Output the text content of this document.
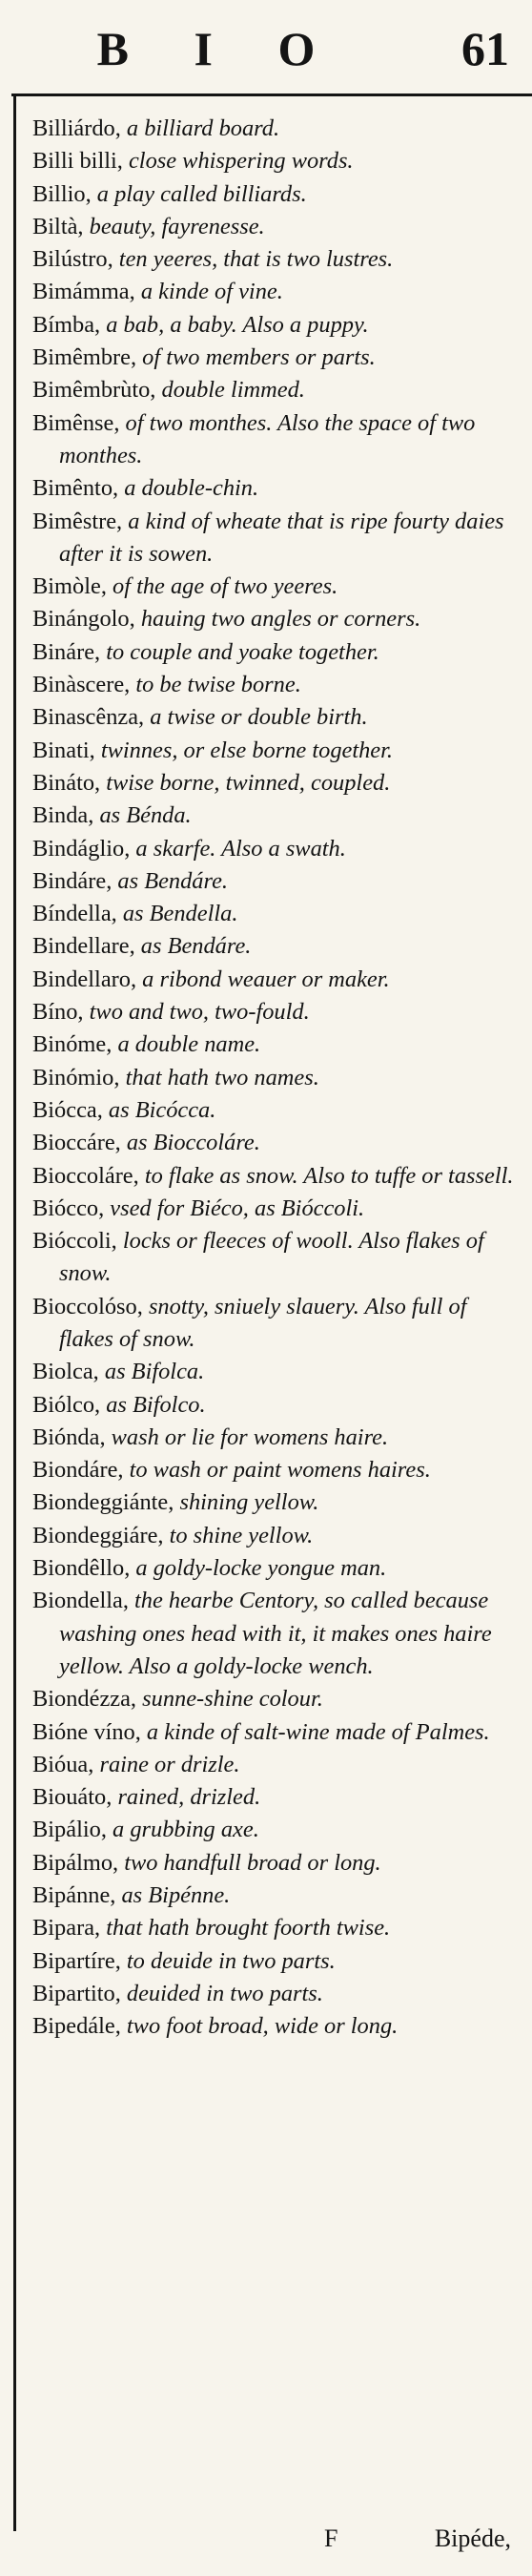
B I O	61

Billiárdo, a billiard board.

Billi billi, close whispering words.

Billio, a play called billiards.

Biltà, beauty, fayrenesse.

Bilústro, ten yeeres, that is two lustres.

Bimámma, a kinde of vine.

Bímba, a bab, a baby. Also a puppy.

Bimêmbre, of two members or parts.

Bimêmbrùto, double limmed.

Bimênse, of two monthes. Also the space of two monthes.

Bimênto, a double-chin.

Bimêstre, a kind of wheate that is ripe fourty daies after it is sowen.

Bimòle, of the age of two yeeres.

Binángolo, hauing two angles or corners.

Bináre, to couple and yoake together.

Binàscere, to be twise borne.

Binascênza, a twise or double birth.

Binati, twinnes, or else borne together.

Bináto, twise borne, twinned, coupled.

Binda, as Bénda.

Bindáglio, a skarfe. Also a swath.

Bindáre, as Bendáre.

Bíndella, as Bendella.

Bindellare, as Bendáre.

Bindellaro, a ribond weauer or maker.

Bíno, two and two, two-fould.

Binóme, a double name.

Binómio, that hath two names.

Biócca, as Bicócca.

Bioccáre, as Bioccoláre.

Bioccoláre, to flake as snow. Also to tuffe or tassell.

Biócco, vsed for Biéco, as Bióccoli.

Bióccoli, locks or fleeces of wooll. Also flakes of snow.

Bioccolóso, snotty, sniuely slauery. Also full of flakes of snow.

Biolca, as Bifolca.

Biólco, as Bifolco.

Biónda, wash or lie for womens haire.

Biondáre, to wash or paint womens haires.

Biondeggiánte, shining yellow.

Biondeggiáre, to shine yellow.

Biondêllo, a goldy-locke yongue man.

Biondella, the hearbe Centory, so called because washing ones head with it, it makes ones haire yellow. Also a goldy-locke wench.

Biondézza, sunne-shine colour.

Bióne víno, a kinde of salt-wine made of Palmes.

Bióua, raine or drizle.

Biouáto, rained, drizled.

Bipálio, a grubbing axe.

Bipálmo, two handfull broad or long.

Bipánne, as Bipénne.

Bipara, that hath brought foorth twise.

Bipartíre, to deuide in two parts.

Bipartito, deuided in two parts.

Bipedále, two foot broad, wide or long.

F	Bipéde,
